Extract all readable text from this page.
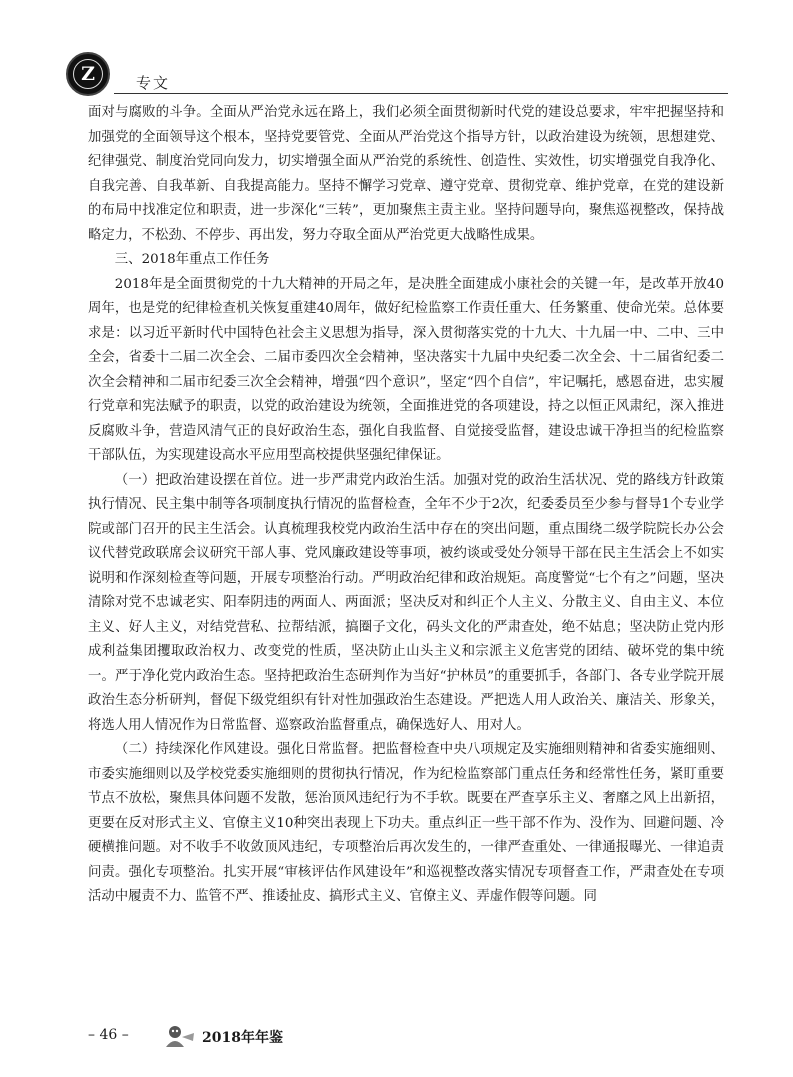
Z	专文

面对与腐败的斗争。全面从严治党永远在路上，我们必须全面贯彻新时代党的建设总要求，牢牢把握坚持和加强党的全面领导这个根本，坚持党要管党、全面从严治党这个指导方针，以政治建设为统领，思想建党、纪律强党、制度治党同向发力，切实增强全面从严治党的系统性、创造性、实效性，切实增强党自我净化、自我完善、自我革新、自我提高能力。坚持不懈学习党章、遵守党章、贯彻党章、维护党章，在党的建设新的布局中找准定位和职责，进一步深化“三转”，更加聚焦主责主业。坚持问题导向，聚焦巡视整改，保持战略定力，不松劲、不停步、再出发，努力夺取全面从严治党更大战略性成果。

三、2018年重点工作任务

2018年是全面贯彻党的十九大精神的开局之年，是决胜全面建成小康社会的关键一年，是改革开放40周年，也是党的纪律检查机关恢复重建40周年，做好纪检监察工作责任重大、任务繁重、使命光荣。总体要求是：以习近平新时代中国特色社会主义思想为指导，深入贯彻落实党的十九大、十九届一中、二中、三中全会，省委十二届二次全会、二届市委四次全会精神，坚决落实十九届中央纪委二次全会、十二届省纪委二次全会精神和二届市纪委三次全会精神，增强“四个意识”，坚定“四个自信”，牢记嘱托，感恩奋进，忠实履行党章和宪法赋予的职责，以党的政治建设为统领，全面推进党的各项建设，持之以恒正风肃纪，深入推进反腐败斗争，营造风清气正的良好政治生态，强化自我监督、自觉接受监督，建设忠诚干净担当的纪检监察干部队伍，为实现建设高水平应用型高校提供坚强纪律保证。

（一）把政治建设摆在首位。进一步严肃党内政治生活。加强对党的政治生活状况、党的路线方针政策执行情况、民主集中制等各项制度执行情况的监督检查，全年不少于2次，纪委委员至少参与督导1个专业学院或部门召开的民主生活会。认真梳理我校党内政治生活中存在的突出问题，重点围绕二级学院院长办公会议代替党政联席会议研究干部人事、党风廉政建设等事项，被约谈或受处分领导干部在民主生活会上不如实说明和作深刻检查等问题，开展专项整治行动。严明政治纪律和政治规矩。高度警觉“七个有之”问题，坚决清除对党不忠诚老实、阳奉阴违的两面人、两面派；坚决反对和纠正个人主义、分散主义、自由主义、本位主义、好人主义，对结党营私、拉帮结派，搞圈子文化，码头文化的严肃查处，绝不姑息；坚决防止党内形成利益集团攫取政治权力、改变党的性质，坚决防止山头主义和宗派主义危害党的团结、破坏党的集中统一。严于净化党内政治生态。坚持把政治生态研判作为当好“护林员”的重要抓手，各部门、各专业学院开展政治生态分析研判，督促下级党组织有针对性加强政治生态建设。严把选人用人政治关、廉洁关、形象关，将选人用人情况作为日常监督、巡察政治监督重点，确保选好人、用对人。

（二）持续深化作风建设。强化日常监督。把监督检查中央八项规定及实施细则精神和省委实施细则、市委实施细则以及学校党委实施细则的贯彻执行情况，作为纪检监察部门重点任务和经常性任务，紧盯重要节点不放松，聚焦具体问题不发散，惩治顶风违纪行为不手软。既要在严查享乐主义、奢靡之风上出新招，更要在反对形式主义、官僚主义10种突出表现上下功夫。重点纠正一些干部不作为、没作为、回避问题、冷硬横推问题。对不收手不收敛顶风违纪，专项整治后再次发生的，一律严查重处、一律通报曝光、一律追责问责。强化专项整治。扎实开展“审核评估作风建设年”和巡视整改落实情况专项督查工作，严肃查处在专项活动中履责不力、监管不严、推诿扯皮、搞形式主义、官僚主义、弄虚作假等问题。同

– 46 –	2018年年鉴
